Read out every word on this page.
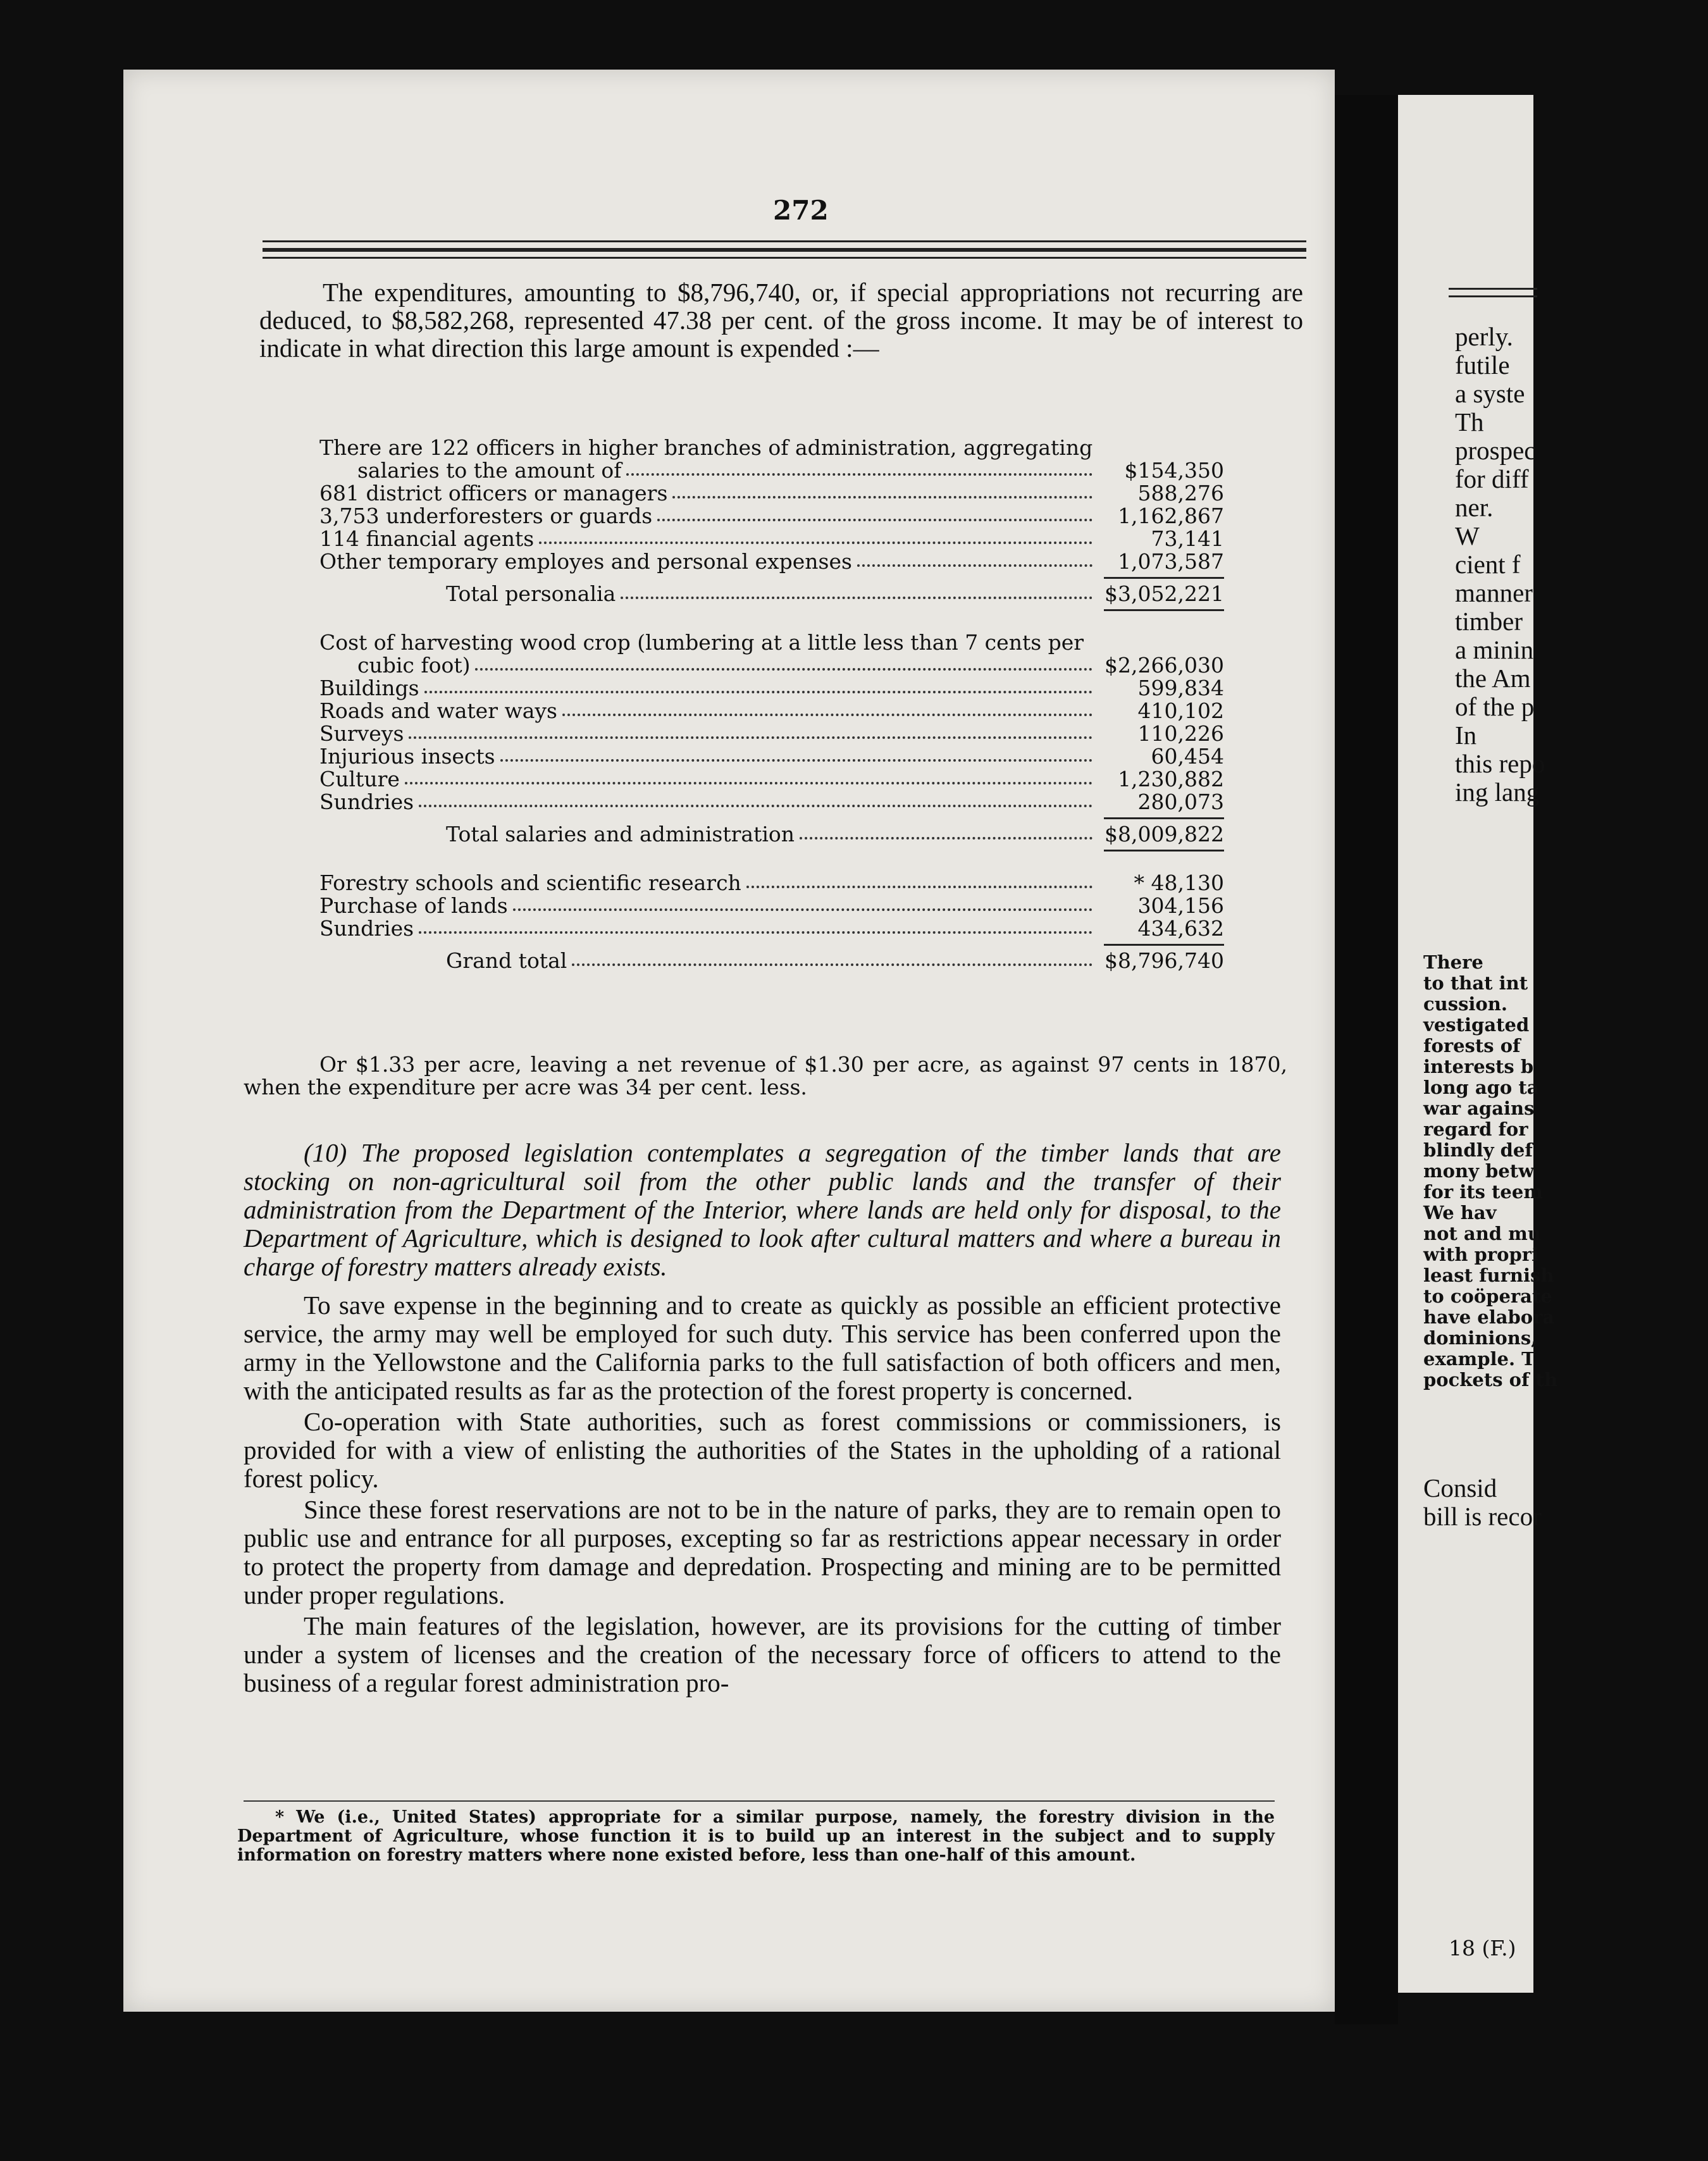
272

The expenditures, amounting to $8,796,740, or, if special appropriations not recurring are deduced, to $8,582,268, represented 47.38 per cent. of the gross income. It may be of interest to indicate in what direction this large amount is expended :—

There are 122 officers in higher branches of administration, aggregating
salaries to the amount of	$154,350
681 district officers or managers	588,276
3,753 underforesters or guards	1,162,867
114 financial agents	73,141
Other temporary employes and personal expenses	1,073,587
Total personalia	$3,052,221
Cost of harvesting wood crop (lumbering at a little less than 7 cents per
cubic foot)	$2,266,030
Buildings	599,834
Roads and water ways	410,102
Surveys	110,226
Injurious insects	60,454
Culture	1,230,882
Sundries	280,073
Total salaries and administration	$8,009,822
Forestry schools and scientific research	* 48,130
Purchase of lands	304,156
Sundries	434,632
Grand total	$8,796,740

Or $1.33 per acre, leaving a net revenue of $1.30 per acre, as against 97 cents in 1870, when the expenditure per acre was 34 per cent. less.

(10) The proposed legislation contemplates a segregation of the timber lands that are stocking on non-agricultural soil from the other public lands and the transfer of their administration from the Department of the Interior, where lands are held only for disposal, to the Department of Agriculture, which is designed to look after cultural matters and where a bureau in charge of forestry matters already exists.

To save expense in the beginning and to create as quickly as possible an efficient protective service, the army may well be employed for such duty. This service has been conferred upon the army in the Yellowstone and the California parks to the full satisfaction of both officers and men, with the anticipated results as far as the protection of the forest property is concerned.

Co-operation with State authorities, such as forest commissions or commissioners, is provided for with a view of enlisting the authorities of the States in the upholding of a rational forest policy.

Since these forest reservations are not to be in the nature of parks, they are to remain open to public use and entrance for all purposes, excepting so far as restrictions appear necessary in order to protect the property from damage and depredation. Prospecting and mining are to be permitted under proper regulations.

The main features of the legislation, however, are its provisions for the cutting of timber under a system of licenses and the creation of the necessary force of officers to attend to the business of a regular forest administration pro-

* We (i.e., United States) appropriate for a similar purpose, namely, the forestry division in the Department of Agriculture, whose function it is to build up an interest in the subject and to supply information on forestry matters where none existed before, less than one-half of this amount.

perly.
futile
a syste
Th
prospec
for diff
ner.
W
cient f
manner
timber
a minin
the Am
of the p
In
this repo
ing lang
There
to that int
cussion.
vestigated
forests of
interests b
long ago ta
war agains
regard for
blindly def
mony betw
for its teem
We hav
not and mu
with propri
least furnish
to coöperate
have elabora
dominions,
example. T
pockets of th
Consid
bill is recor
18 (F.)
